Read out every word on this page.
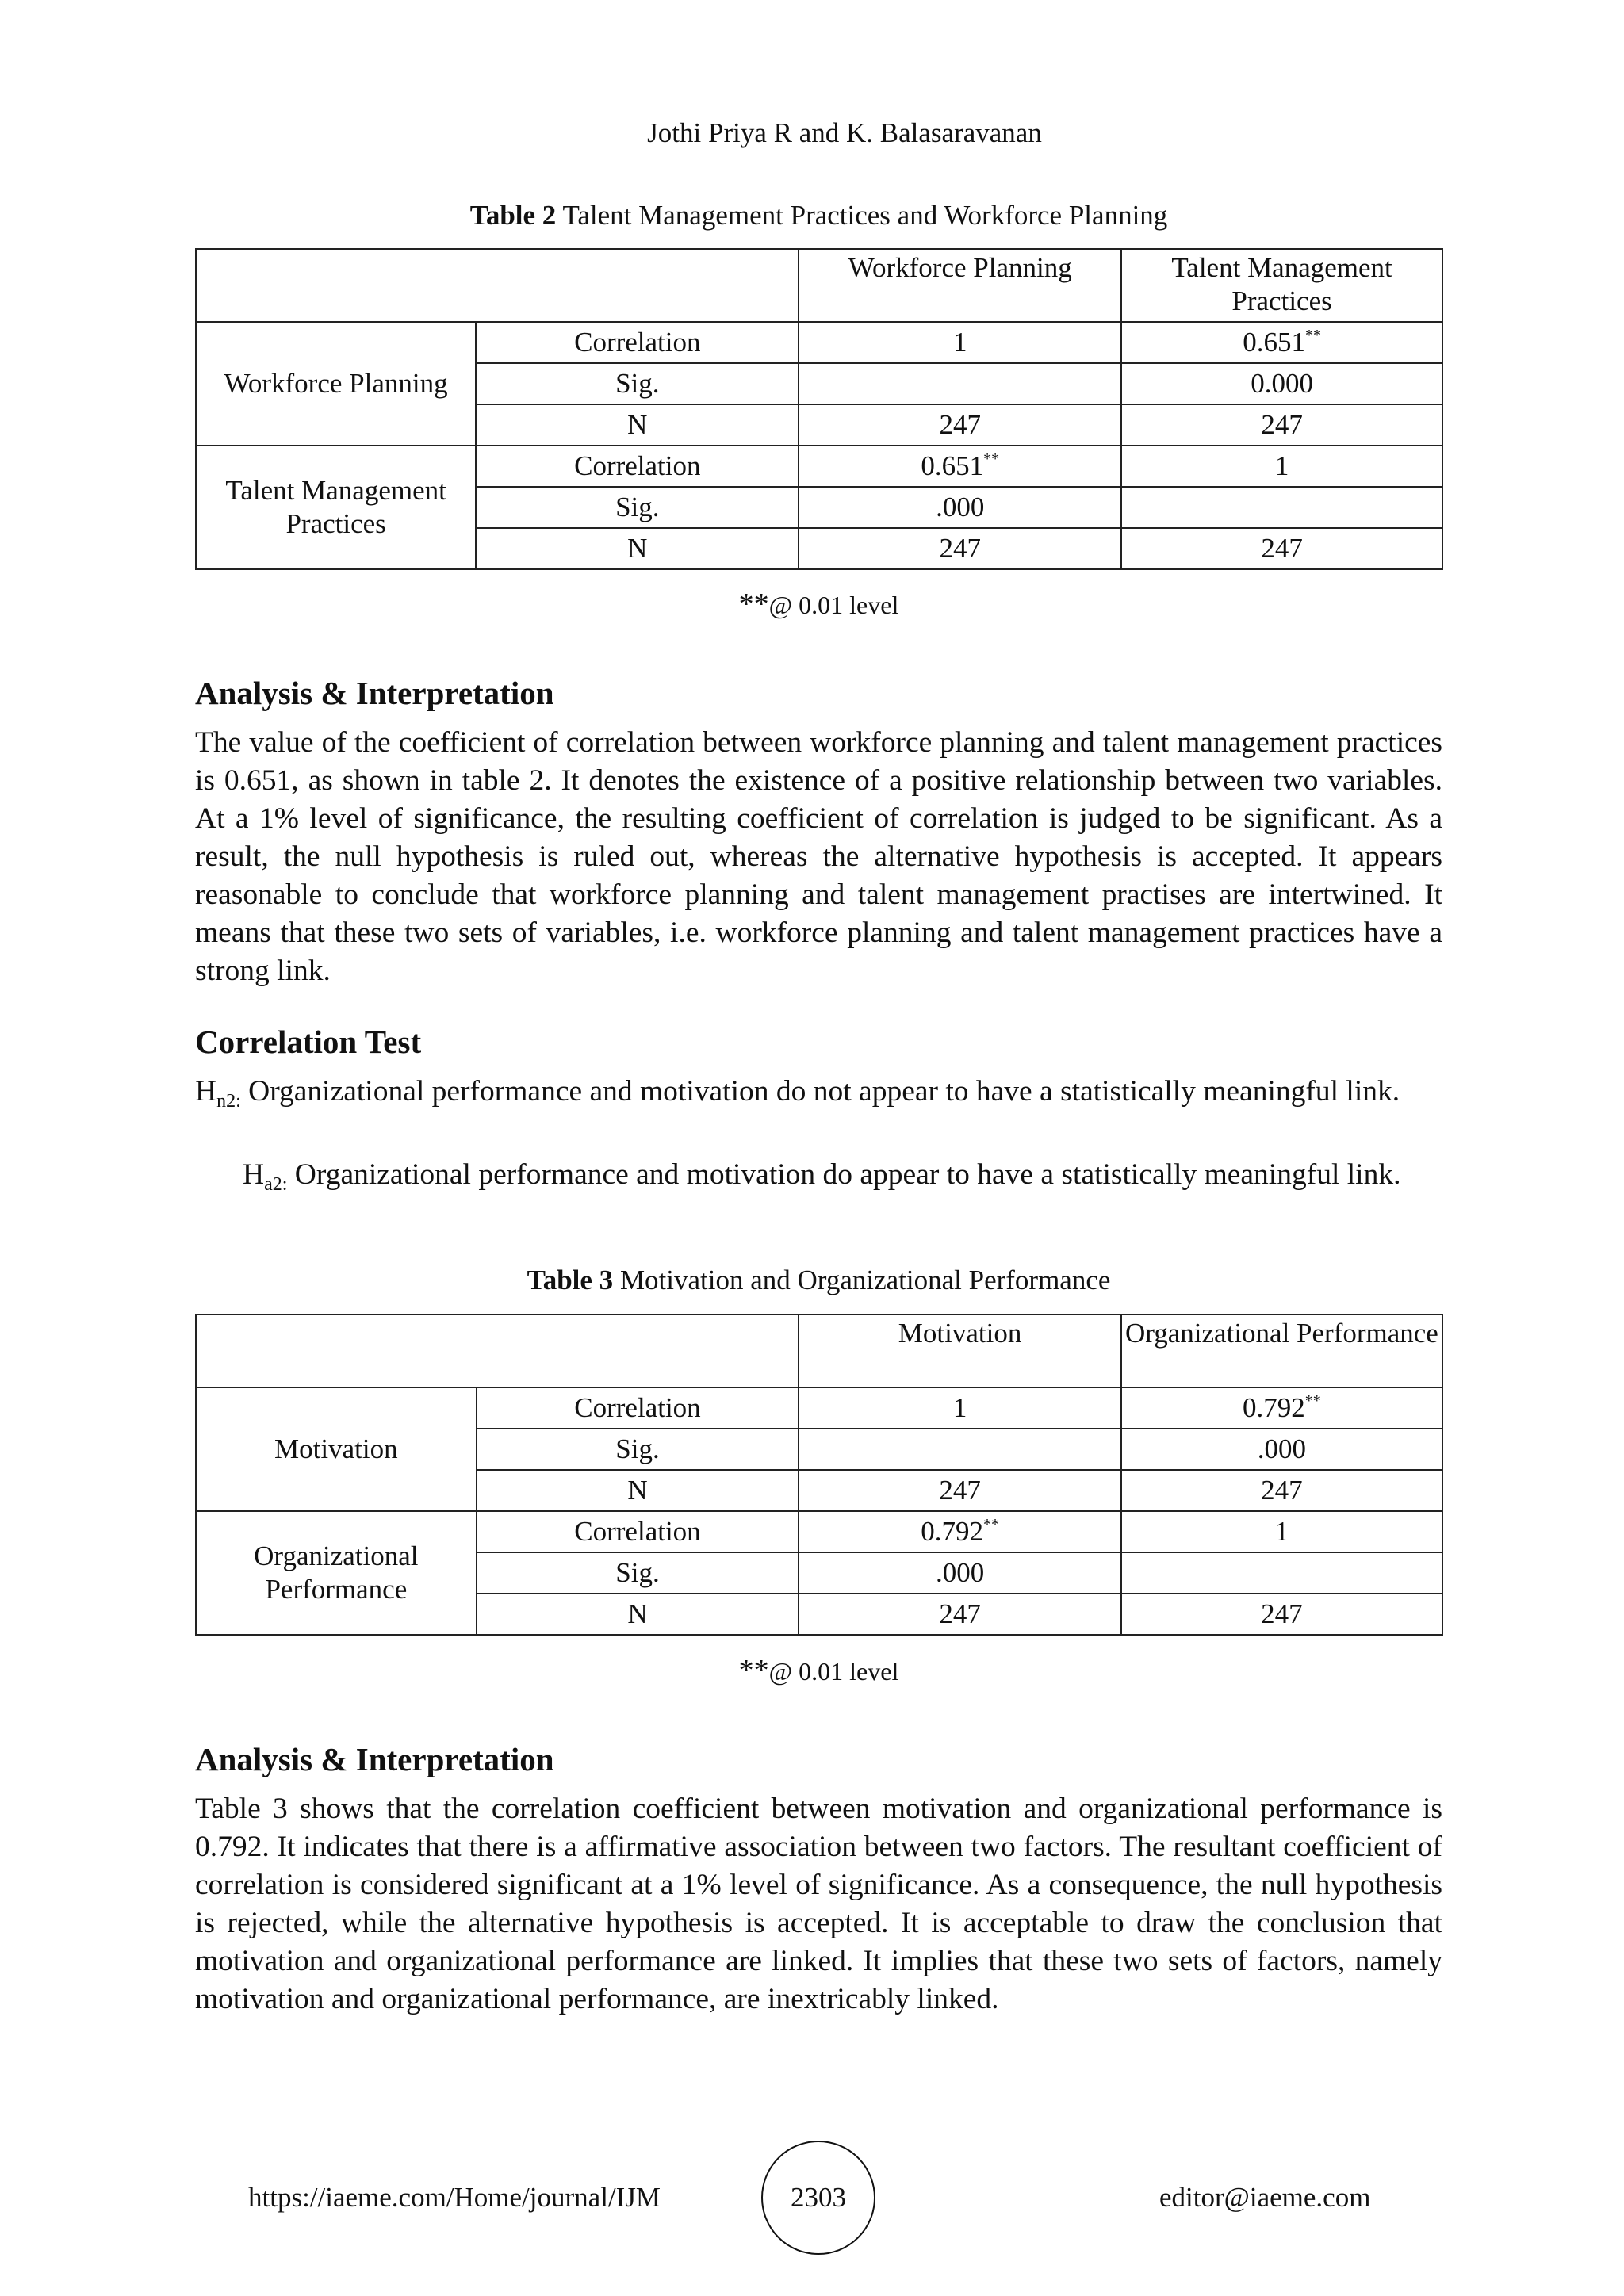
Jothi Priya R and K. Balasaravanan
Table 2 Talent Management Practices and Workforce Planning
		Workforce Planning	Talent Management Practices
Workforce Planning	Correlation	1	0.651**
	Sig.		0.000
	N	247	247
Talent Management Practices	Correlation	0.651**	1
	Sig.	.000	
	N	247	247
**@ 0.01 level
Analysis & Interpretation

The value of the coefficient of correlation between workforce planning and talent management practices is 0.651, as shown in table 2. It denotes the existence of a positive relationship between two variables. At a 1% level of significance, the resulting coefficient of correlation is judged to be significant. As a result, the null hypothesis is ruled out, whereas the alternative hypothesis is accepted. It appears reasonable to conclude that workforce planning and talent management practises are intertwined. It means that these two sets of variables, i.e. workforce planning and talent management practices have a strong link.

Correlation Test

$H_{n2:}$ Organizational performance and motivation do not appear to have a statistically meaningful link.

$H_{a2:}$ Organizational performance and motivation do appear to have a statistically meaningful link.

Table 3 Motivation and Organizational Performance
		Motivation	Organizational Performance
Motivation	Correlation	1	0.792**
	Sig.		.000
	N	247	247
Organizational Performance	Correlation	0.792**	1
	Sig.	.000	
	N	247	247
**@ 0.01 level
Analysis & Interpretation

Table 3 shows that the correlation coefficient between motivation and organizational performance is 0.792. It indicates that there is a affirmative association between two factors. The resultant coefficient of correlation is considered significant at a 1% level of significance. As a consequence, the null hypothesis is rejected, while the alternative hypothesis is accepted. It is acceptable to draw the conclusion that motivation and organizational performance are linked. It implies that these two sets of factors, namely motivation and organizational performance, are inextricably linked.

https://iaeme.com/Home/journal/IJM	2303	editor@iaeme.com
